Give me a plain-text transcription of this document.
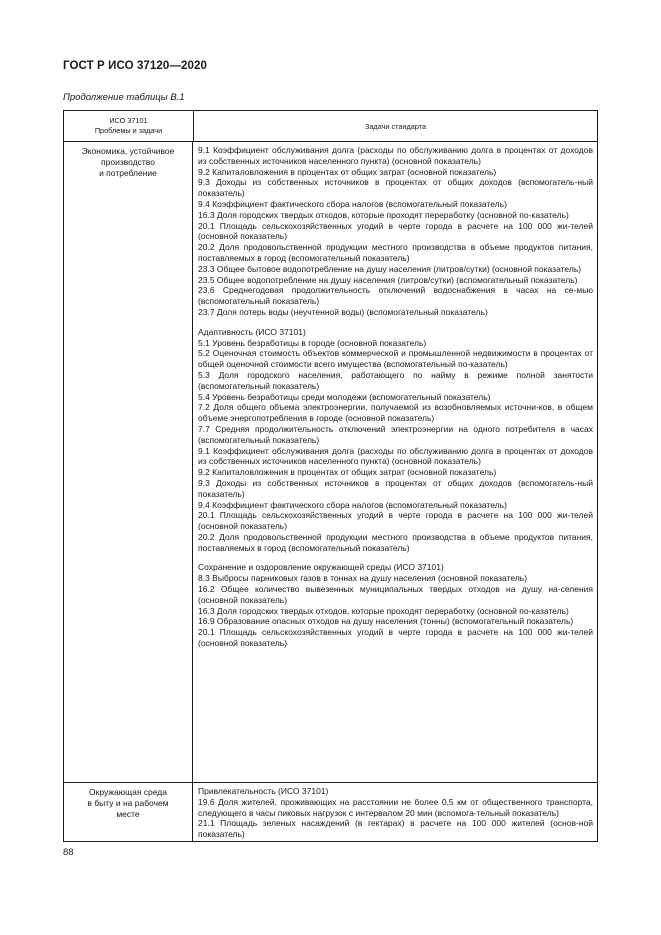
ГОСТ Р ИСО 37120—2020
Продолжение таблицы В.1
ИСО 37101
Проблемы и задачи	Задачи стандарта
Экономика, устойчивое
производство
и потребление
9.1 Коэффициент обслуживания долга (расходы по обслуживанию долга в процентах от доходов из собственных источников населенного пункта) (основной показатель)
9.2 Капиталовложения в процентах от общих затрат (основной показатель)
9.3 Доходы из собственных источников в процентах от общих доходов (вспомогатель-ный показатель)
9.4 Коэффициент фактического сбора налогов (вспомогательный показатель)
16.3 Доля городских твердых отходов, которые проходят переработку (основной по-казатель)
20.1 Площадь сельскохозяйственных угодий в черте города в расчете на 100 000 жи-телей (основной показатель)
20.2 Доля продовольственной продукции местного производства в объеме продуктов питания, поставляемых в город (вспомогательный показатель)
23.3 Общее бытовое водопотребление на душу населения (литров/сутки) (основной показатель)
23.5 Общее водопотребление на душу населения (литров/сутки) (вспомогательный показатель)
23.6 Среднегодовая продолжительность отключений водоснабжения в часах на се-мью (вспомогательный показатель)
23.7 Доля потерь воды (неучтенной воды) (вспомогательный показатель)
Адаптивность (ИСО 37101)
5.1 Уровень безработицы в городе (основной показатель)
5.2 Оценочная стоимость объектов коммерческой и промышленной недвижимости в процентах от общей оценочной стоимости всего имущества (вспомогательный по-казатель)
5.3 Доля городского населения, работающего по найму в режиме полной занятости (вспомогательный показатель)
5.4 Уровень безработицы среди молодежи (вспомогательный показатель)
7.2 Доля общего объема электроэнергии, получаемой из возобновляемых источни-ков, в общем объеме энергопотребления в городе (основной показатель)
7.7 Средняя продолжительность отключений электроэнергии на одного потребителя в часах (вспомогательный показатель)
9.1 Коэффициент обслуживания долга (расходы по обслуживанию долга в процентах от доходов из собственных источников населенного пункта) (основной показатель)
9.2 Капиталовложения в процентах от общих затрат (основной показатель)
9.3 Доходы из собственных источников в процентах от общих доходов (вспомогатель-ный показатель)
9.4 Коэффициент фактического сбора налогов (вспомогательный показатель)
20.1 Площадь сельскохозяйственных угодий в черте города в расчете на 100 000 жи-телей (основной показатель)
20.2 Доля продовольственной продукции местного производства в объеме продуктов питания, поставляемых в город (вспомогательный показатель)
Сохранение и оздоровление окружающей среды (ИСО 37101)
8.3 Выбросы парниковых газов в тоннах на душу населения (основной показатель)
16.2 Общее количество вывезенных муниципальных твердых отходов на душу на-селения (основной показатель)
16.3 Доля городских твердых отходов, которые проходят переработку (основной по-казатель)
16.9 Образование опасных отходов на душу населения (тонны) (вспомогательный показатель)
20.1 Площадь сельскохозяйственных угодий в черте города в расчете на 100 000 жи-телей (основной показатель)
Окружающая среда
в быту и на рабочем
месте
Привлекательность (ИСО 37101)
19.6 Доля жителей, проживающих на расстоянии не более 0,5 км от общественного транспорта, следующего в часы пиковых нагрузок с интервалом 20 мин (вспомога-тельный показатель)
21.1 Площадь зеленых насаждений (в гектарах) в расчете на 100 000 жителей (основ-ной показатель)
88
